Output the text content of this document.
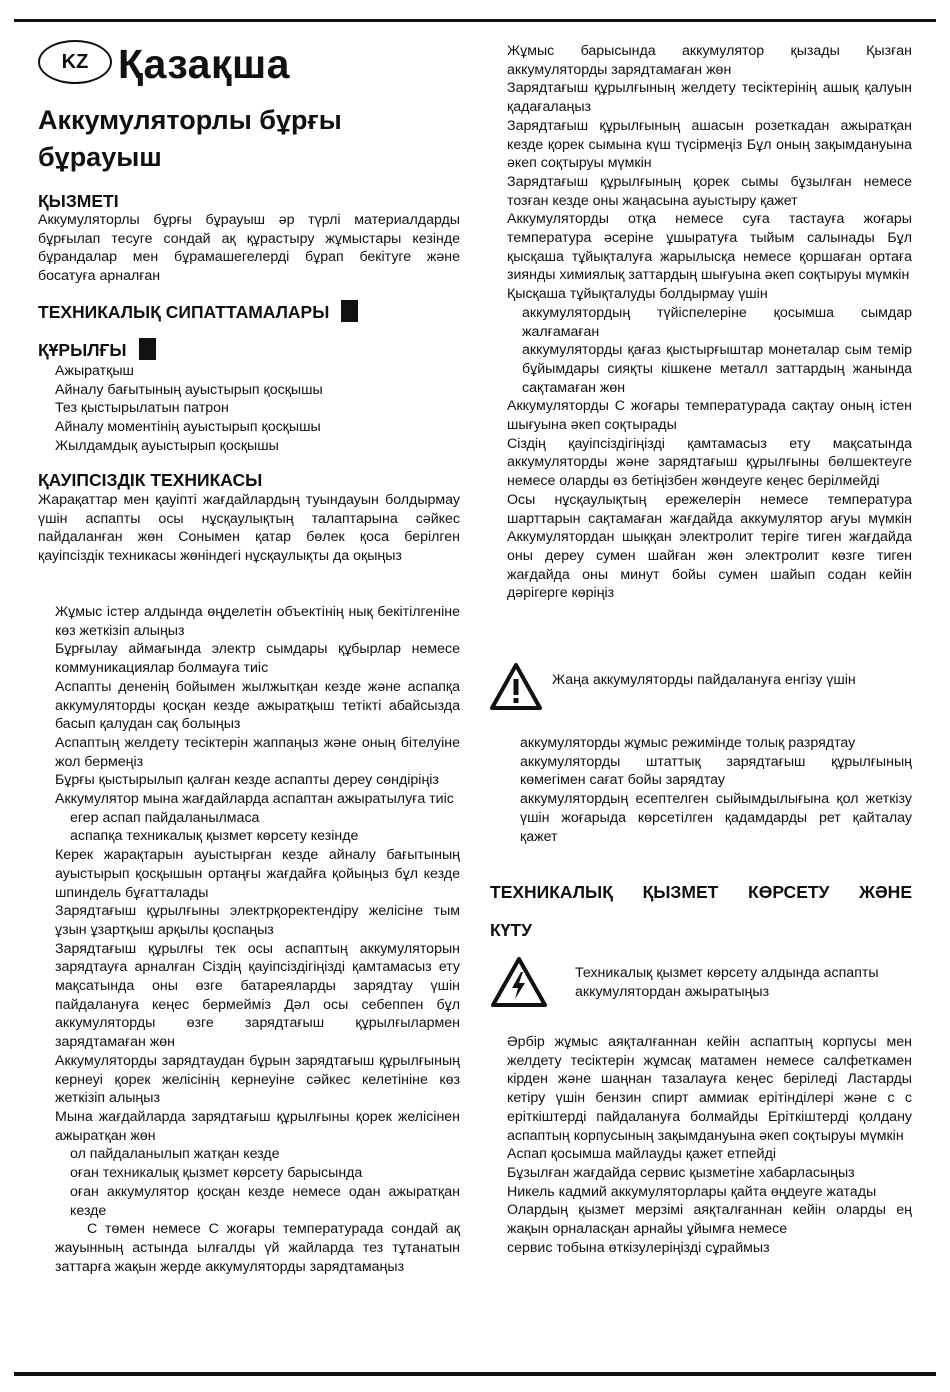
KZ Қазақша
Аккумуляторлы бұрғы бұрауыш

ҚЫЗМЕТІ

Аккумуляторлы бұрғы бұрауыш әр түрлі материалдарды бұрғылап тесуге сондай ақ құрастыру жұмыстары кезінде бұрандалар мен бұрамашегелерді бұрап бекітуге және босатуға арналған

ТЕХНИКАЛЫҚ СИПАТТАМАЛАРЫ

ҚҰРЫЛҒЫ

Ажыратқыш
Айналу бағытының ауыстырып қосқышы
Тез қыстырылатын патрон
Айналу моментінің ауыстырып қосқышы
Жылдамдық ауыстырып қосқышы

ҚАУІПСІЗДІК ТЕХНИКАСЫ

Жарақаттар мен қауіпті жағдайлардың туындауын болдырмау үшін аспапты осы нұсқаулықтың талаптарына сәйкес пайдаланған жөн Сонымен қатар бөлек қоса берілген қауіпсіздік техникасы жөніндегі нұсқаулықты да оқыңыз

Жұмыс істер алдында өңделетін объектінің нық бекітілгеніне көз жеткізіп алыңыз

Бұрғылау аймағында электр сымдары құбырлар немесе коммуникациялар болмауға тиіс

Аспапты дененің бойымен жылжытқан кезде және аспапқа аккумуляторды қосқан кезде ажыратқыш тетікті абайсызда басып қалудан сақ болыңыз

Аспаптың желдету тесіктерін жаппаңыз және оның бітелуіне жол бермеңіз

Бұрғы қыстырылып қалған кезде аспапты дереу сөндіріңіз

Аккумулятор мына жағдайларда аспаптан ажыратылуға тиіс

егер аспап пайдаланылмаса

аспапқа техникалық қызмет көрсету кезінде

Керек жарақтарын ауыстырған кезде айналу бағытының ауыстырып қосқышын ортаңғы жағдайға қойыңыз бұл кезде шпиндель бұғатталады

Зарядтағыш құрылғыны электрқоректендіру желісіне тым ұзын ұзартқыш арқылы қоспаңыз

Зарядтағыш құрылғы тек осы аспаптың аккумуляторын зарядтауға арналған Сіздің қауіпсіздігіңізді қамтамасыз ету мақсатында оны өзге батареяларды зарядтау үшін пайдалануға кеңес бермейміз Дәл осы себеппен бұл аккумуляторды өзге зарядтағыш құрылғылармен зарядтамаған жөн

Аккумуляторды зарядтаудан бұрын зарядтағыш құрылғының кернеуі қорек желісінің кернеуіне сәйкес келетініне көз жеткізіп алыңыз

Мына жағдайларда зарядтағыш құрылғыны қорек желісінен ажыратқан жөн

ол пайдаланылып жатқан кезде

оған техникалық қызмет көрсету барысында

оған аккумулятор қосқан кезде немесе одан ажыратқан кезде

С төмен немесе С жоғары температурада сондай ақ жауынның астында ылғалды үй жайларда тез тұтанатын заттарға жақын жерде аккумуляторды зарядтамаңыз

Жұмыс барысында аккумулятор қызады Қызған аккумуляторды зарядтамаған жөн

Зарядтағыш құрылғының желдету тесіктерінің ашық қалуын қадағалаңыз

Зарядтағыш құрылғының ашасын розеткадан ажыратқан кезде қорек сымына күш түсірмеңіз Бұл оның зақымдануына әкеп соқтыруы мүмкін

Зарядтағыш құрылғының қорек сымы бұзылған немесе тозған кезде оны жаңасына ауыстыру қажет

Аккумуляторды отқа немесе суға тастауға жоғары температура әсеріне ұшыратуға тыйым салынады Бұл қысқаша тұйықталуға жарылысқа немесе қоршаған ортаға зиянды химиялық заттардың шығуына әкеп соқтыруы мүмкін

Қысқаша тұйықталуды болдырмау үшін

аккумулятордың түйіспелеріне қосымша сымдар жалғамаған

аккумуляторды қағаз қыстырғыштар монеталар сым темір бұйымдары сияқты кішкене металл заттардың жанында сақтамаған жөн

Аккумуляторды С жоғары температурада сақтау оның істен шығуына әкеп соқтырады

Сіздің қауіпсіздігіңізді қамтамасыз ету мақсатында аккумуляторды және зарядтағыш құрылғыны бөлшектеуге немесе оларды өз бетіңізбен жөндеуге кеңес берілмейді

Осы нұсқаулықтың ережелерін немесе температура шарттарын сақтамаған жағдайда аккумулятор ағуы мүмкін Аккумулятордан шыққан электролит теріге тиген жағдайда оны дереу сумен шайған жөн электролит көзге тиген жағдайда оны минут бойы сумен шайып содан кейін дәрігерге көріңіз

Жаңа аккумуляторды пайдалануға енгізу үшін

аккумуляторды жұмыс режимінде толық разрядтау

аккумуляторды штаттық зарядтағыш құрылғының көмегімен сағат бойы зарядтау

аккумулятордың есептелген сыйымдылығына қол жеткізу үшін жоғарыда көрсетілген қадамдарды рет қайталау қажет

ТЕХНИКАЛЫҚ ҚЫЗМЕТ КӨРСЕТУ ЖӘНЕ

КҮТУ

Техникалық қызмет көрсету алдында аспапты аккумулятордан ажыратыңыз

Әрбір жұмыс аяқталғаннан кейін аспаптың корпусы мен желдету тесіктерін жұмсақ матамен немесе салфеткамен кірден және шаңнан тазалауға кеңес беріледі Ластарды кетіру үшін бензин спирт аммиак ерітінділері және с с еріткіштерді пайдалануға болмайды Еріткіштерді қолдану аспаптың корпусының зақымдануына әкеп соқтыруы мүмкін

Аспап қосымша майлауды қажет етпейді

Бұзылған жағдайда сервис қызметіне хабарласыңыз

Никель кадмий аккумуляторлары қайта өңдеуге жатады

Олардың қызмет мерзімі аяқталғаннан кейін оларды ең жақын орналасқан арнайы ұйымға немесе

сервис тобына өткізулеріңізді сұраймыз
